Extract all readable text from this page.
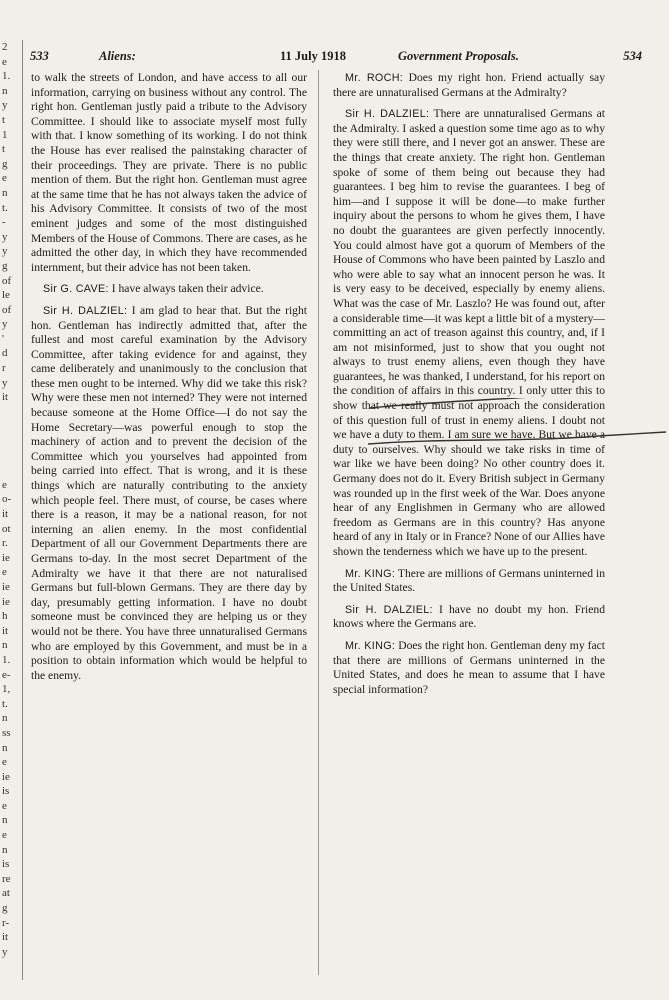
2
e
1.
n
y
t
1
t
g
e
n
t.
-
y
y
g
of
le
of
y
'
d
r
y
it

e
o-
it
ot
r.
ie
e
ie
ie
h
it
n
1.
e-
1,
t.
n
ss
n
e
ie
is
e
n
e
n
is
re
at
g
r-
it
y
533	Aliens:	11 July 1918	Government Proposals.	534

to walk the streets of London, and have access to all our information, carrying on business without any control. The right hon. Gentleman justly paid a tribute to the Advisory Committee. I should like to associate myself most fully with that. I know something of its working. I do not think the House has ever realised the painstaking character of their proceedings. They are private. There is no public mention of them. But the right hon. Gentleman must agree at the same time that he has not always taken the advice of his Advisory Committee. It consists of two of the most eminent judges and some of the most distinguished Members of the House of Commons. There are cases, as he admitted the other day, in which they have recommended internment, but their advice has not been taken.

Sir G. CAVE: I have always taken their advice.

Sir H. DALZIEL: I am glad to hear that. But the right hon. Gentleman has indirectly admitted that, after the fullest and most careful examination by the Advisory Committee, after taking evidence for and against, they came deliberately and unanimously to the conclusion that these men ought to be interned. Why did we take this risk? Why were these men not interned? They were not interned because someone at the Home Office—I do not say the Home Secretary—was powerful enough to stop the machinery of action and to prevent the decision of the Committee which you yourselves had appointed from being carried into effect. That is wrong, and it is these things which are naturally contributing to the anxiety which people feel. There must, of course, be cases where there is a reason, it may be a national reason, for not interning an alien enemy. In the most confidential Department of all our Government Departments there are Germans to-day. In the most secret Department of the Admiralty we have it that there are not naturalised Germans but full-blown Germans. They are there day by day, presumably getting information. I have no doubt someone must be convinced they are helping us or they would not be there. You have three unnaturalised Germans who are employed by this Government, and must be in a position to obtain information which would be helpful to the enemy.

Mr. ROCH: Does my right hon. Friend actually say there are unnaturalised Germans at the Admiralty?

Sir H. DALZIEL: There are unnaturalised Germans at the Admiralty. I asked a question some time ago as to why they were still there, and I never got an answer. These are the things that create anxiety. The right hon. Gentleman spoke of some of them being out because they had guarantees. I beg him to revise the guarantees. I beg of him—and I suppose it will be done—to make further inquiry about the persons to whom he gives them, I have no doubt the guarantees are given perfectly innocently. You could almost have got a quorum of Members of the House of Commons who have been painted by Laszlo and who were able to say what an innocent person he was. It is very easy to be deceived, especially by enemy aliens. What was the case of Mr. Laszlo? He was found out, after a considerable time—it was kept a little bit of a mystery—committing an act of treason against this country, and, if I am not misinformed, just to show that you ought not always to trust enemy aliens, even though they have guarantees, he was thanked, I understand, for his report on the condition of affairs in this country. I only utter this to show that we really must not approach the consideration of this question full of trust in enemy aliens. I doubt not we have a duty to them. I am sure we have. But we have a duty to ourselves. Why should we take risks in time of war like we have been doing? No other country does it. Germany does not do it. Every British subject in Germany was rounded up in the first week of the War. Does anyone hear of any Englishmen in Germany who are allowed freedom as Germans are in this country? Has anyone heard of any in Italy or in France? None of our Allies have shown the tenderness which we have up to the present.

Mr. KING: There are millions of Germans uninterned in the United States.

Sir H. DALZIEL: I have no doubt my hon. Friend knows where the Germans are.

Mr. KING: Does the right hon. Gentleman deny my fact that there are millions of Germans uninterned in the United States, and does he mean to assume that I have special information?
